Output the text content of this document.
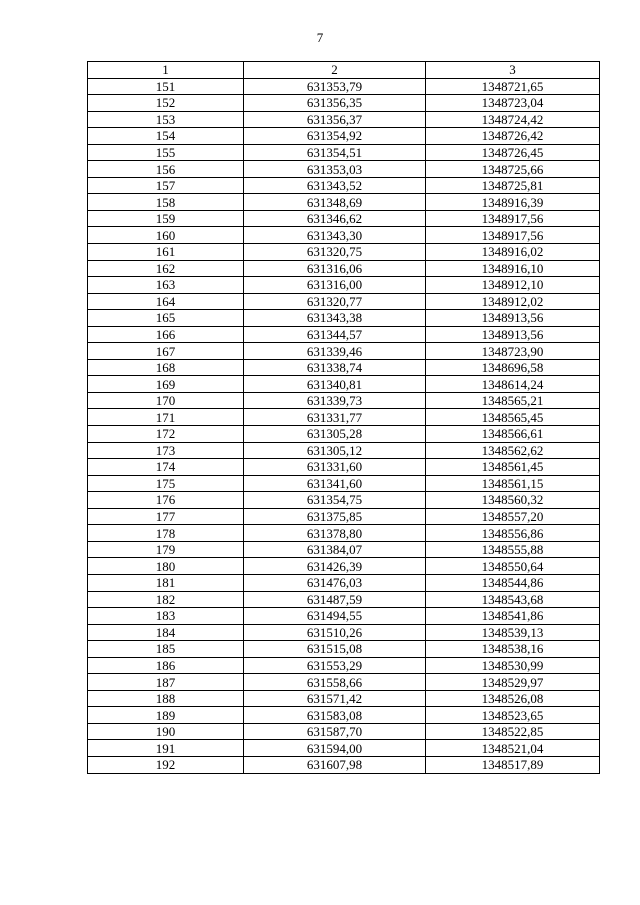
7
1	2	3
151	631353,79	1348721,65
152	631356,35	1348723,04
153	631356,37	1348724,42
154	631354,92	1348726,42
155	631354,51	1348726,45
156	631353,03	1348725,66
157	631343,52	1348725,81
158	631348,69	1348916,39
159	631346,62	1348917,56
160	631343,30	1348917,56
161	631320,75	1348916,02
162	631316,06	1348916,10
163	631316,00	1348912,10
164	631320,77	1348912,02
165	631343,38	1348913,56
166	631344,57	1348913,56
167	631339,46	1348723,90
168	631338,74	1348696,58
169	631340,81	1348614,24
170	631339,73	1348565,21
171	631331,77	1348565,45
172	631305,28	1348566,61
173	631305,12	1348562,62
174	631331,60	1348561,45
175	631341,60	1348561,15
176	631354,75	1348560,32
177	631375,85	1348557,20
178	631378,80	1348556,86
179	631384,07	1348555,88
180	631426,39	1348550,64
181	631476,03	1348544,86
182	631487,59	1348543,68
183	631494,55	1348541,86
184	631510,26	1348539,13
185	631515,08	1348538,16
186	631553,29	1348530,99
187	631558,66	1348529,97
188	631571,42	1348526,08
189	631583,08	1348523,65
190	631587,70	1348522,85
191	631594,00	1348521,04
192	631607,98	1348517,89
